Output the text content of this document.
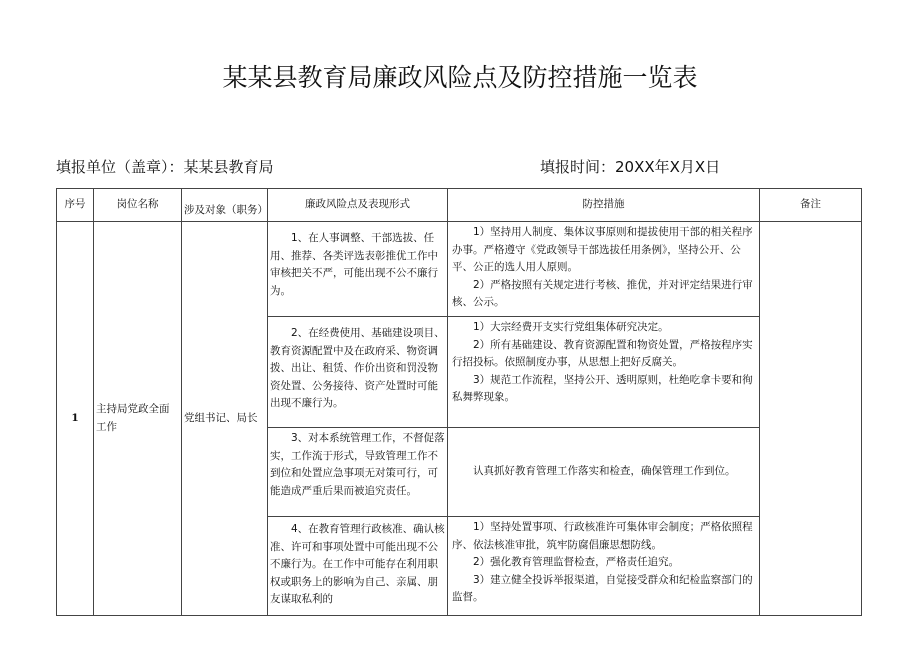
某某县教育局廉政风险点及防控措施一览表
填报单位（盖章）：某某县教育局	填报时间：20XX年X月X日
序号	岗位名称	涉及对象（职务）	廉政风险点及表现形式	防控措施	备注
1	主持局党政全面工作	党组书记、局长	1、在人事调整、干部选拔、任用、推荐、各类评选表彰推优工作中审核把关不严，可能出现不公不廉行为。	1）坚持用人制度、集体议事原则和提拔使用干部的相关程序办事。严格遵守《党政领导干部选拔任用条例》，坚持公开、公平、公正的选人用人原则。

2）严格按照有关规定进行考核、推优，并对评定结果进行审核、公示。	

			2、在经费使用、基础建设项目、教育资源配置中及在政府采、物资调拨、出让、租赁、作价出资和罚没物资处置、公务接待、资产处置时可能出现不廉行为。	1）大宗经费开支实行党组集体研究决定。

2）所有基础建设、教育资源配置和物资处置，严格按程序实行招投标。依照制度办事，从思想上把好反腐关。

3）规范工作流程，坚持公开、透明原则，杜绝吃拿卡要和徇私舞弊现象。	

			3、对本系统管理工作，不督促落实，工作流于形式，导致管理工作不到位和处置应急事项无对策可行，可能造成严重后果而被追究责任。	认真抓好教育管理工作落实和检查，确保管理工作到位。	

			4、在教育管理行政核准、确认核准、许可和事项处置中可能出现不公不廉行为。在工作中可能存在利用职权或职务上的影响为自己、亲属、朋友谋取私利的	1）坚持处置事项、行政核准许可集体审会制度；严格依照程序、依法核准审批，筑牢防腐倡廉思想防线。

2）强化教育管理监督检查，严格责任追究。

3）建立健全投诉举报渠道，自觉接受群众和纪检监察部门的监督。	
